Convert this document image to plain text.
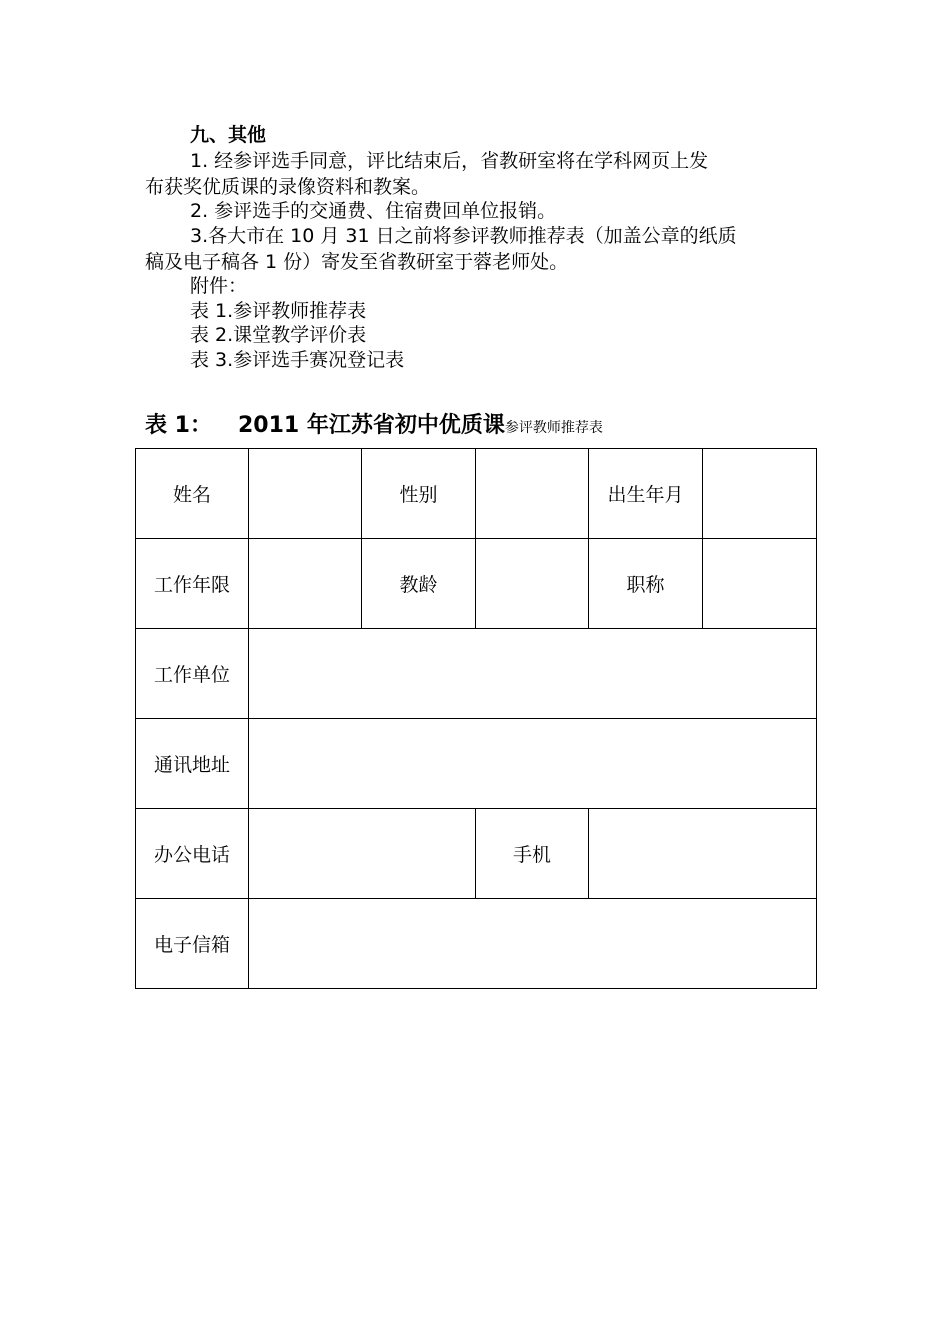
九、其他
1. 经参评选手同意，评比结束后，省教研室将在学科网页上发
布获奖优质课的录像资料和教案。
2. 参评选手的交通费、住宿费回单位报销。
3.各大市在 10 月 31 日之前将参评教师推荐表（加盖公章的纸质
稿及电子稿各 1 份）寄发至省教研室于蓉老师处。
附件：
表 1.参评教师推荐表
表 2.课堂教学评价表
表 3.参评选手赛况登记表
表 1： 2011 年江苏省初中优质课参评教师推荐表
姓名		性别		出生年月	
工作年限		教龄		职称	
工作单位					
通讯地址					
办公电话			手机		
电子信箱					
